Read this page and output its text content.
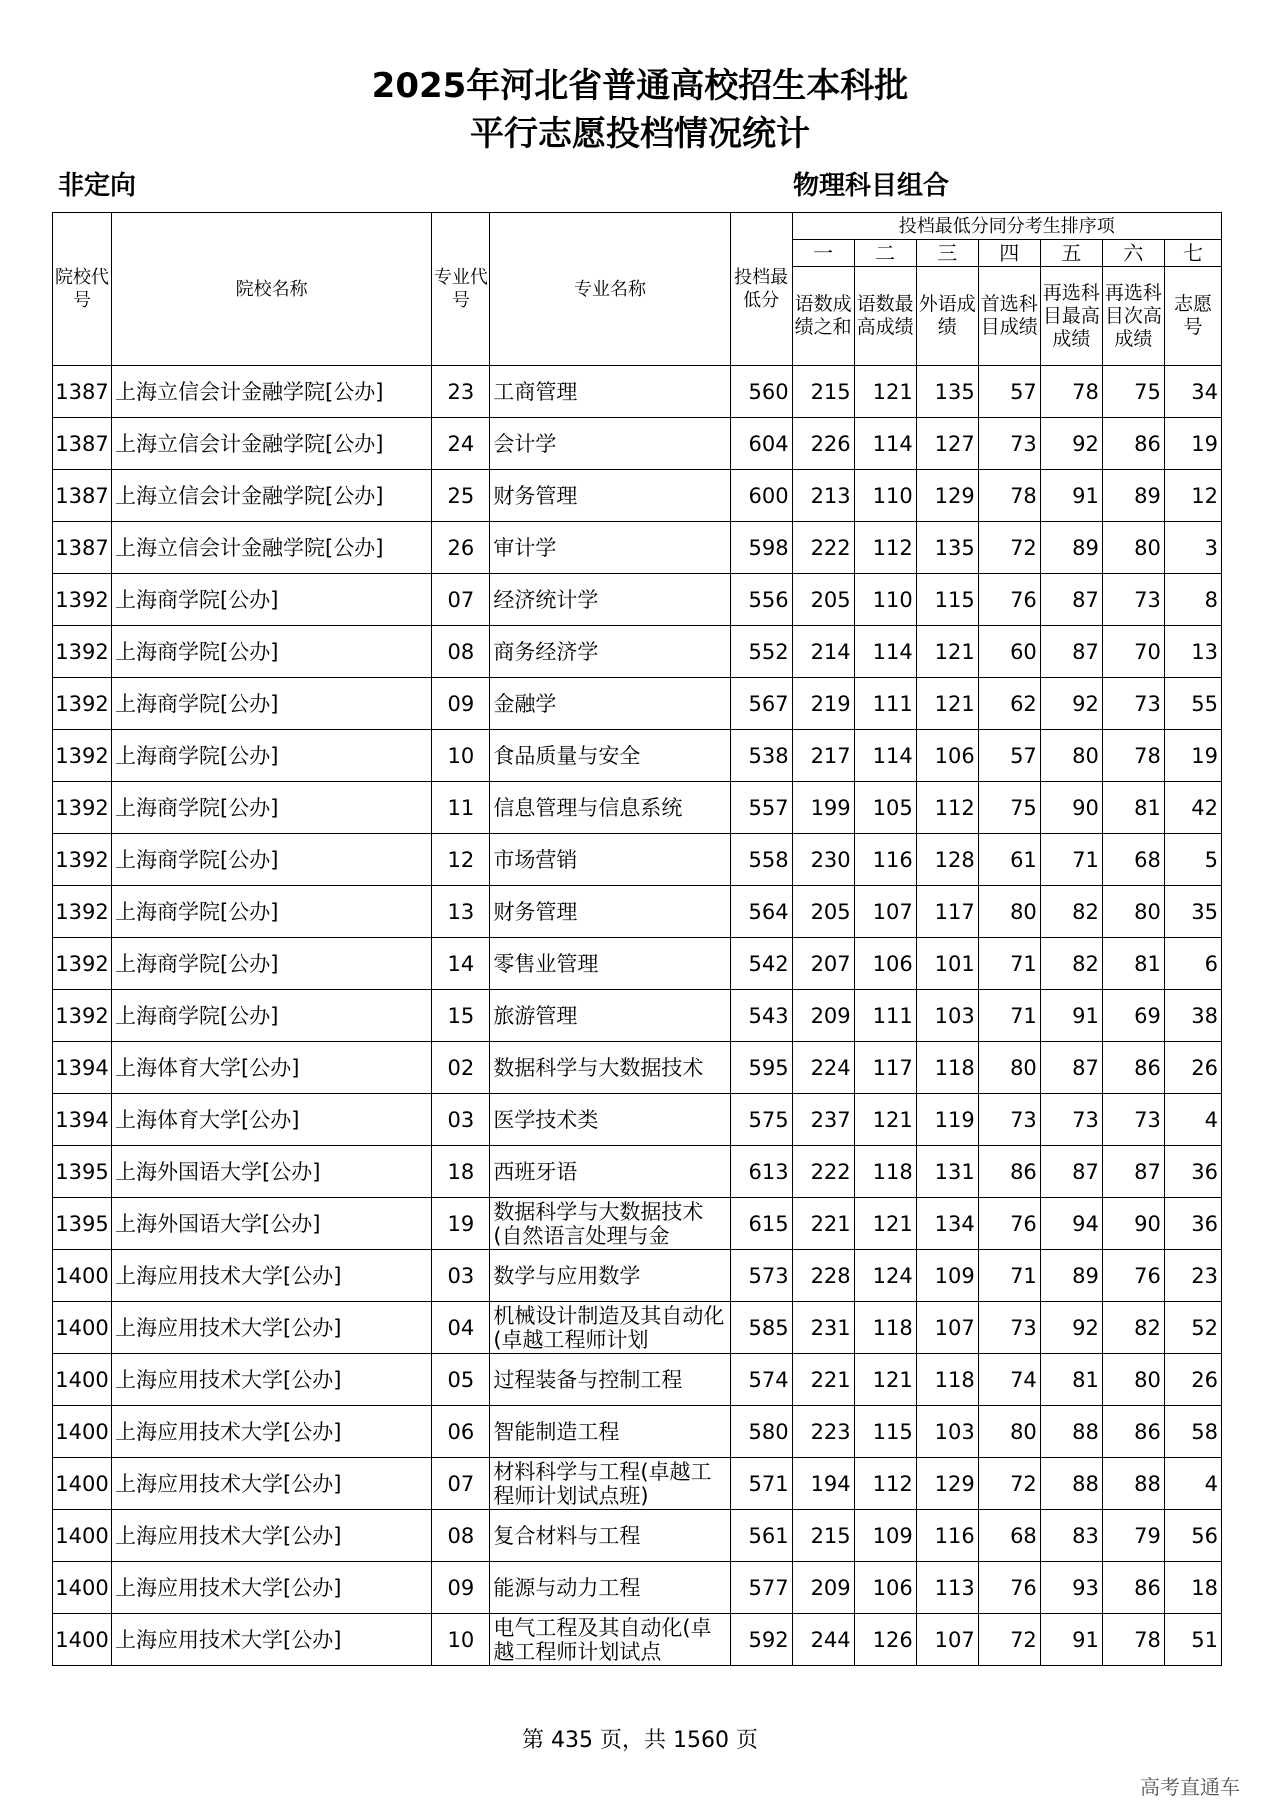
2025年河北省普通高校招生本科批
平行志愿投档情况统计
非定向	物理科目组合
院校代号	院校名称	专业代号	专业名称	投档最低分	投档最低分同分考生排序项						
					一	二	三	四	五	六	七
					语数成绩之和	语数最高成绩	外语成绩	首选科目成绩	再选科目最高成绩	再选科目次高成绩	志愿号
1387	上海立信会计金融学院[公办]	23	工商管理	560	215	121	135	57	78	75	34
1387	上海立信会计金融学院[公办]	24	会计学	604	226	114	127	73	92	86	19
1387	上海立信会计金融学院[公办]	25	财务管理	600	213	110	129	78	91	89	12
1387	上海立信会计金融学院[公办]	26	审计学	598	222	112	135	72	89	80	3
1392	上海商学院[公办]	07	经济统计学	556	205	110	115	76	87	73	8
1392	上海商学院[公办]	08	商务经济学	552	214	114	121	60	87	70	13
1392	上海商学院[公办]	09	金融学	567	219	111	121	62	92	73	55
1392	上海商学院[公办]	10	食品质量与安全	538	217	114	106	57	80	78	19
1392	上海商学院[公办]	11	信息管理与信息系统	557	199	105	112	75	90	81	42
1392	上海商学院[公办]	12	市场营销	558	230	116	128	61	71	68	5
1392	上海商学院[公办]	13	财务管理	564	205	107	117	80	82	80	35
1392	上海商学院[公办]	14	零售业管理	542	207	106	101	71	82	81	6
1392	上海商学院[公办]	15	旅游管理	543	209	111	103	71	91	69	38
1394	上海体育大学[公办]	02	数据科学与大数据技术	595	224	117	118	80	87	86	26
1394	上海体育大学[公办]	03	医学技术类	575	237	121	119	73	73	73	4
1395	上海外国语大学[公办]	18	西班牙语	613	222	118	131	86	87	87	36
1395	上海外国语大学[公办]	19	数据科学与大数据技术(自然语言处理与金	615	221	121	134	76	94	90	36
1400	上海应用技术大学[公办]	03	数学与应用数学	573	228	124	109	71	89	76	23
1400	上海应用技术大学[公办]	04	机械设计制造及其自动化(卓越工程师计划	585	231	118	107	73	92	82	52
1400	上海应用技术大学[公办]	05	过程装备与控制工程	574	221	121	118	74	81	80	26
1400	上海应用技术大学[公办]	06	智能制造工程	580	223	115	103	80	88	86	58
1400	上海应用技术大学[公办]	07	材料科学与工程(卓越工程师计划试点班)	571	194	112	129	72	88	88	4
1400	上海应用技术大学[公办]	08	复合材料与工程	561	215	109	116	68	83	79	56
1400	上海应用技术大学[公办]	09	能源与动力工程	577	209	106	113	76	93	86	18
1400	上海应用技术大学[公办]	10	电气工程及其自动化(卓越工程师计划试点	592	244	126	107	72	91	78	51
第 435 页，共 1560 页
高考直通车
